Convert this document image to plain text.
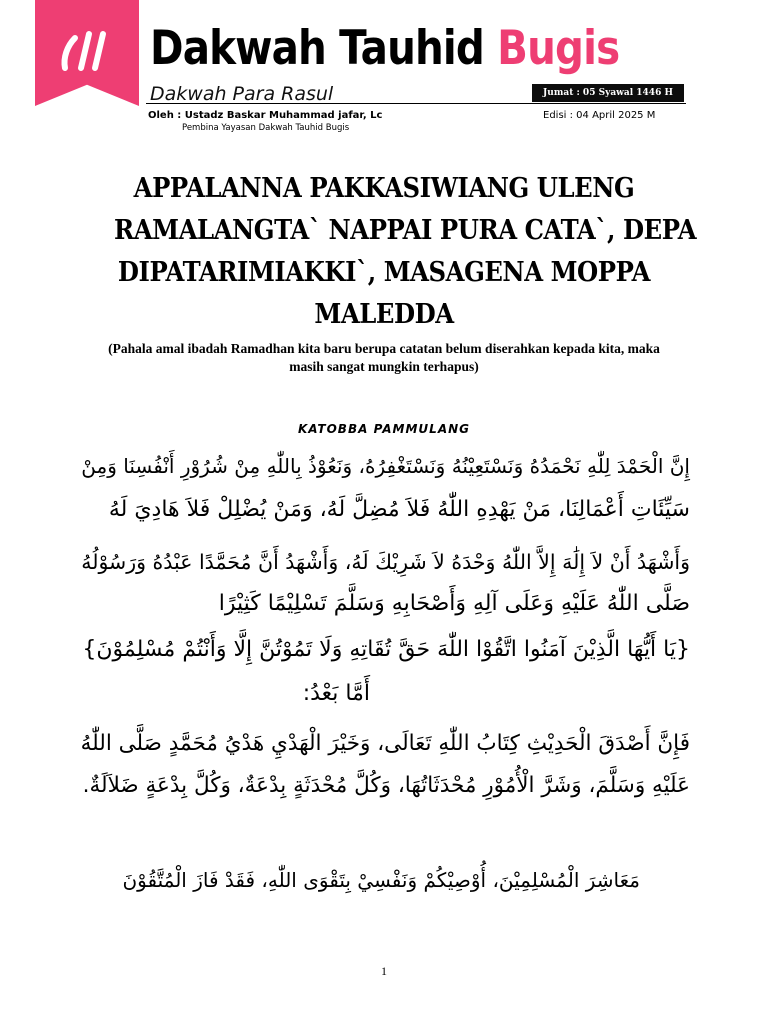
Dakwah Tauhid Bugis
Dakwah Para Rasul	Jumat : 05 Syawal 1446 H
Oleh : Ustadz Baskar Muhammad jafar, Lc	Edisi : 04 April 2025 M
Pembina Yayasan Dakwah Tauhid Bugis
APPALANNA PAKKASIWIANG ULENG
RAMALANGTA` NAPPAI PURA CATA`, DEPA
DIPATARIMIAKKI`, MASAGENA MOPPA
MALEDDA
(Pahala amal ibadah Ramadhan kita baru berupa catatan belum diserahkan kepada kita, maka masih sangat mungkin terhapus)
KATOBBA PAMMULANG
إِنَّ الْحَمْدَ لِلّٰهِ نَحْمَدُهُ وَنَسْتَعِيْنُهُ وَنَسْتَغْفِرُهُ، وَنَعُوْذُ بِاللّٰهِ مِنْ شُرُوْرِ أَنْفُسِنَا وَمِنْ
سَيِّئَاتِ أَعْمَالِنَا، مَنْ يَهْدِهِ اللّٰهُ فَلاَ مُضِلَّ لَهُ، وَمَنْ يُضْلِلْ فَلاَ هَادِيَ لَهُ
وَأَشْهَدُ أَنْ لاَ إِلَٰهَ إِلاَّ اللّٰهُ وَحْدَهُ لاَ شَرِيْكَ لَهُ، وَأَشْهَدُ أَنَّ مُحَمَّدًا عَبْدُهُ وَرَسُوْلُهُ
صَلَّى اللّٰهُ عَلَيْهِ وَعَلَى آلِهِ وَأَصْحَابِهِ وَسَلَّمَ تَسْلِيْمًا كَثِيْرًا
{يَا أَيُّهَا الَّذِيْنَ آمَنُوا اتَّقُوْا اللّٰهَ حَقَّ تُقَاتِهِ وَلَا تَمُوْتُنَّ إِلَّا وَأَنْتُمْ مُسْلِمُوْنَ}
أَمَّا بَعْدُ:
فَإِنَّ أَصْدَقَ الْحَدِيْثِ كِتَابُ اللّٰهِ تَعَالَى، وَخَيْرَ الْهَدْيِ هَدْيُ مُحَمَّدٍ صَلَّى اللّٰهُ
عَلَيْهِ وَسَلَّمَ، وَشَرَّ الْأُمُوْرِ مُحْدَثَاتُهَا، وَكُلَّ مُحْدَثَةٍ بِدْعَةٌ، وَكُلَّ بِدْعَةٍ ضَلاَلَةٌ.
مَعَاشِرَ الْمُسْلِمِيْنَ، أُوْصِيْكُمْ وَنَفْسِيْ بِتَقْوَى اللّٰهِ، فَقَدْ فَازَ الْمُتَّقُوْنَ
1
